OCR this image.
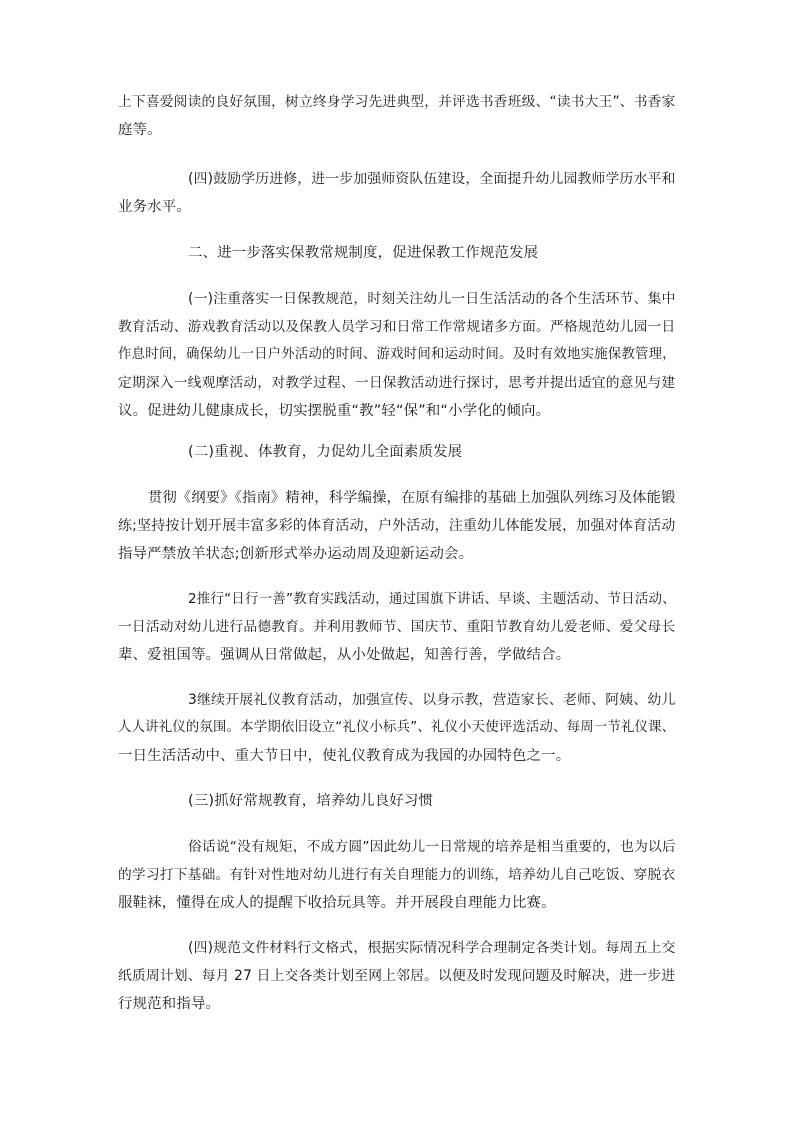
上下喜爱阅读的良好氛围，树立终身学习先进典型，并评选书香班级、“读书大王”、书香家
庭等。

(四)鼓励学历进修，进一步加强师资队伍建设，全面提升幼儿园教师学历水平和
业务水平。

二、进一步落实保教常规制度，促进保教工作规范发展

(一)注重落实一日保教规范，时刻关注幼儿一日生活活动的各个生活环节、集中
教育活动、游戏教育活动以及保教人员学习和日常工作常规诸多方面。严格规范幼儿园一日
作息时间，确保幼儿一日户外活动的时间、游戏时间和运动时间。及时有效地实施保教管理，
定期深入一线观摩活动，对教学过程、一日保教活动进行探讨，思考并提出适宜的意见与建
议。促进幼儿健康成长，切实摆脱重“教”轻“保”和“小学化的倾向。

(二)重视、体教育，力促幼儿全面素质发展

贯彻《纲要》《指南》精神，科学编操，在原有编排的基础上加强队列练习及体能锻
练;坚持按计划开展丰富多彩的体育活动，户外活动，注重幼儿体能发展，加强对体育活动
指导严禁放羊状态;创新形式举办运动周及迎新运动会。

2推行“日行一善”教育实践活动，通过国旗下讲话、早谈、主题活动、节日活动、
一日活动对幼儿进行品德教育。并利用教师节、国庆节、重阳节教育幼儿爱老师、爱父母长
辈、爱祖国等。强调从日常做起，从小处做起，知善行善，学做结合。

3继续开展礼仪教育活动，加强宣传、以身示教，营造家长、老师、阿姨、幼儿
人人讲礼仪的氛围。本学期依旧设立“礼仪小标兵”、礼仪小天使评选活动、每周一节礼仪课、
一日生活活动中、重大节日中，使礼仪教育成为我园的办园特色之一。

(三)抓好常规教育，培养幼儿良好习惯

俗话说“没有规矩，不成方圆”因此幼儿一日常规的培养是相当重要的，也为以后
的学习打下基础。有针对性地对幼儿进行有关自理能力的训练，培养幼儿自己吃饭、穿脱衣
服鞋袜，懂得在成人的提醒下收拾玩具等。并开展段自理能力比赛。

(四)规范文件材料行文格式，根据实际情况科学合理制定各类计划。每周五上交
纸质周计划、每月 27 日上交各类计划至网上邻居。以便及时发现问题及时解决，进一步进
行规范和指导。
